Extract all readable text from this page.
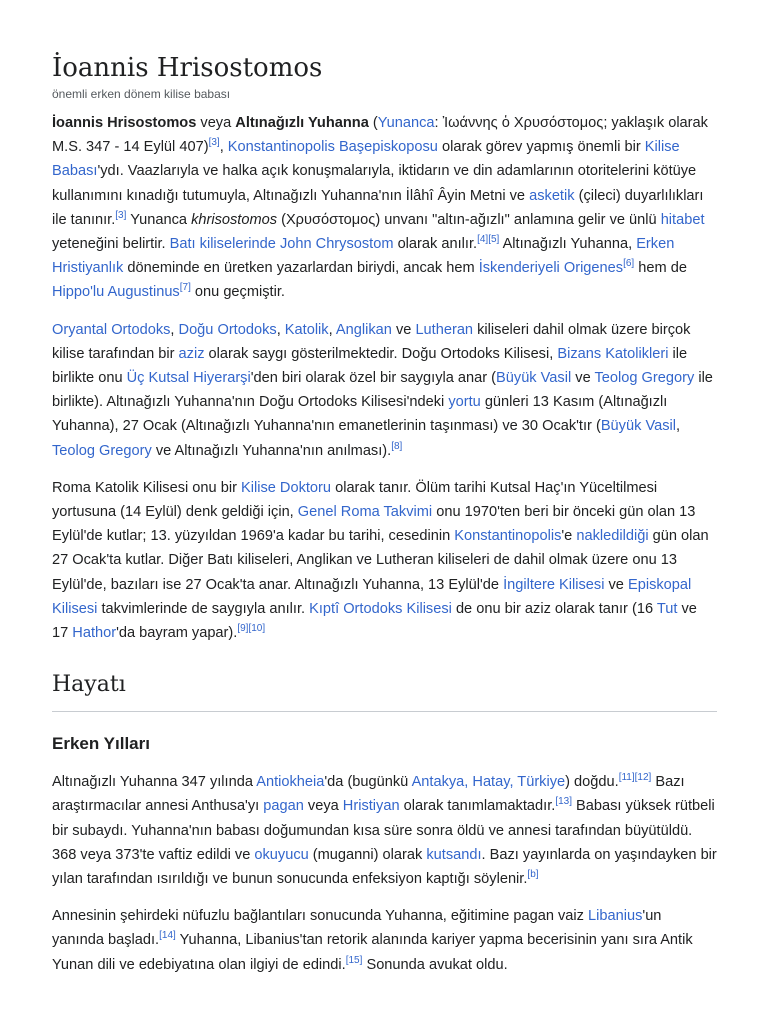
İoannis Hrisostomos
önemli erken dönem kilise babası

İoannis Hrisostomos veya Altınağızlı Yuhanna (Yunanca: Ἰωάννης ὁ Χρυσόστομος; yaklaşık olarak M.S. 347 - 14 Eylül 407)[3], Konstantinopolis Başepiskoposu olarak görev yapmış önemli bir Kilise Babası'ydı. Vaazlarıyla ve halka açık konuşmalarıyla, iktidarın ve din adamlarının otoritelerini kötüye kullanımını kınadığı tutumuyla, Altınağızlı Yuhanna'nın İlâhî Âyin Metni ve asketik (çileci) duyarlılıkları ile tanınır.[3] Yunanca khrisostomos (Χρυσόστομος) unvanı "altın-ağızlı" anlamına gelir ve ünlü hitabet yeteneğini belirtir. Batı kiliselerinde John Chrysostom olarak anılır.[4][5] Altınağızlı Yuhanna, Erken Hristiyanlık döneminde en üretken yazarlardan biriydi, ancak hem İskenderiyeli Origenes[6] hem de Hippo'lu Augustinus[7] onu geçmiştir.

Oryantal Ortodoks, Doğu Ortodoks, Katolik, Anglikan ve Lutheran kiliseleri dahil olmak üzere birçok kilise tarafından bir aziz olarak saygı gösterilmektedir. Doğu Ortodoks Kilisesi, Bizans Katolikleri ile birlikte onu Üç Kutsal Hiyerarşi'den biri olarak özel bir saygıyla anar (Büyük Vasil ve Teolog Gregory ile birlikte). Altınağızlı Yuhanna'nın Doğu Ortodoks Kilisesi'ndeki yortu günleri 13 Kasım (Altınağızlı Yuhanna), 27 Ocak (Altınağızlı Yuhanna'nın emanetlerinin taşınması) ve 30 Ocak'tır (Büyük Vasil, Teolog Gregory ve Altınağızlı Yuhanna'nın anılması).[8]

Roma Katolik Kilisesi onu bir Kilise Doktoru olarak tanır. Ölüm tarihi Kutsal Haç'ın Yüceltilmesi yortusuna (14 Eylül) denk geldiği için, Genel Roma Takvimi onu 1970'ten beri bir önceki gün olan 13 Eylül'de kutlar; 13. yüzyıldan 1969'a kadar bu tarihi, cesedinin Konstantinopolis'e nakledildiği gün olan 27 Ocak'ta kutlar. Diğer Batı kiliseleri, Anglikan ve Lutheran kiliseleri de dahil olmak üzere onu 13 Eylül'de, bazıları ise 27 Ocak'ta anar. Altınağızlı Yuhanna, 13 Eylül'de İngiltere Kilisesi ve Episkopal Kilisesi takvimlerinde de saygıyla anılır. Kıptî Ortodoks Kilisesi de onu bir aziz olarak tanır (16 Tut ve 17 Hathor'da bayram yapar).[9][10]

Hayatı
Erken Yılları

Altınağızlı Yuhanna 347 yılında Antiokheia'da (bugünkü Antakya, Hatay, Türkiye) doğdu.[11][12] Bazı araştırmacılar annesi Anthusa'yı pagan veya Hristiyan olarak tanımlamaktadır.[13] Babası yüksek rütbeli bir subaydı. Yuhanna'nın babası doğumundan kısa süre sonra öldü ve annesi tarafından büyütüldü. 368 veya 373'te vaftiz edildi ve okuyucu (muganni) olarak kutsandı. Bazı yayınlarda on yaşındayken bir yılan tarafından ısırıldığı ve bunun sonucunda enfeksiyon kaptığı söylenir.[b]

Annesinin şehirdeki nüfuzlu bağlantıları sonucunda Yuhanna, eğitimine pagan vaiz Libanius'un yanında başladı.[14] Yuhanna, Libanius'tan retorik alanında kariyer yapma becerisinin yanı sıra Antik Yunan dili ve edebiyatına olan ilgiyi de edindi.[15] Sonunda avukat oldu.
